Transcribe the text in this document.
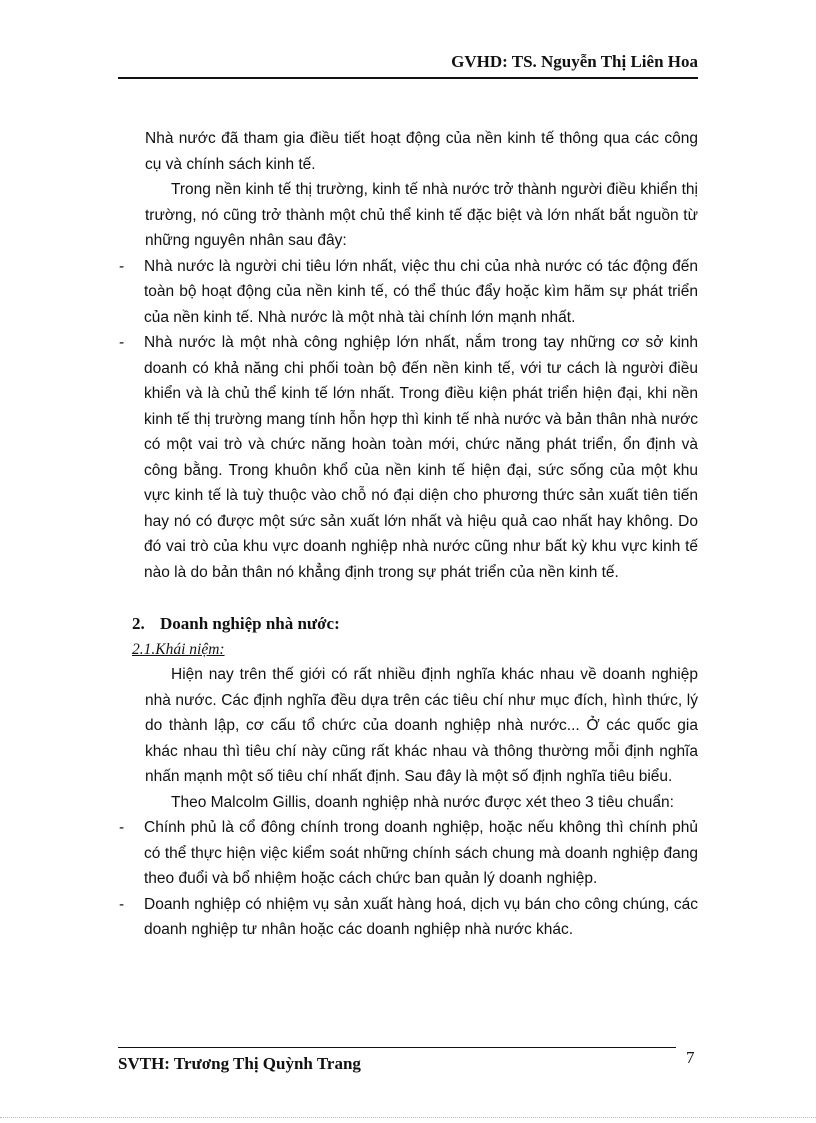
GVHD: TS. Nguyễn Thị Liên Hoa

Nhà nước đã tham gia điều tiết hoạt động của nền kinh tế thông qua các công cụ và chính sách kinh tế.

Trong nền kinh tế thị trường, kinh tế nhà nước trở thành người điều khiển thị trường, nó cũng trở thành một chủ thể kinh tế đặc biệt và lớn nhất bắt nguồn từ những nguyên nhân sau đây:

-	Nhà nước là người chi tiêu lớn nhất, việc thu chi của nhà nước có tác động đến toàn bộ hoạt động của nền kinh tế, có thể thúc đẩy hoặc kìm hãm sự phát triển của nền kinh tế. Nhà nước là một nhà tài chính lớn mạnh nhất.
-	Nhà nước là một nhà công nghiệp lớn nhất, nắm trong tay những cơ sở kinh doanh có khả năng chi phối toàn bộ đến nền kinh tế, với tư cách là người điều khiển và là chủ thể kinh tế lớn nhất. Trong điều kiện phát triển hiện đại, khi nền kinh tế thị trường mang tính hỗn hợp thì kinh tế nhà nước và bản thân nhà nước có một vai trò và chức năng hoàn toàn mới, chức năng phát triển, ổn định và công bằng. Trong khuôn khổ của nền kinh tế hiện đại, sức sống của một khu vực kinh tế là tuỳ thuộc vào chỗ nó đại diện cho phương thức sản xuất tiên tiến hay nó có được một sức sản xuất lớn nhất và hiệu quả cao nhất hay không. Do đó vai trò của khu vực doanh nghiệp nhà nước cũng như bất kỳ khu vực kinh tế nào là do bản thân nó khẳng định trong sự phát triển của nền kinh tế.

2. Doanh nghiệp nhà nước:

2.1.Khái niệm:

Hiện nay trên thế giới có rất nhiều định nghĩa khác nhau về doanh nghiệp nhà nước. Các định nghĩa đều dựa trên các tiêu chí như mục đích, hình thức, lý do thành lập, cơ cấu tổ chức của doanh nghiệp nhà nước... Ở các quốc gia khác nhau thì tiêu chí này cũng rất khác nhau và thông thường mỗi định nghĩa nhấn mạnh một số tiêu chí nhất định. Sau đây là một số định nghĩa tiêu biểu.

Theo Malcolm Gillis, doanh nghiệp nhà nước được xét theo 3 tiêu chuẩn:

-	Chính phủ là cổ đông chính trong doanh nghiệp, hoặc nếu không thì chính phủ có thể thực hiện việc kiểm soát những chính sách chung mà doanh nghiệp đang theo đuổi và bổ nhiệm hoặc cách chức ban quản lý doanh nghiệp.
-	Doanh nghiệp có nhiệm vụ sản xuất hàng hoá, dịch vụ bán cho công chúng, các doanh nghiệp tư nhân hoặc các doanh nghiệp nhà nước khác.
SVTH: Trương Thị Quỳnh Trang	7
